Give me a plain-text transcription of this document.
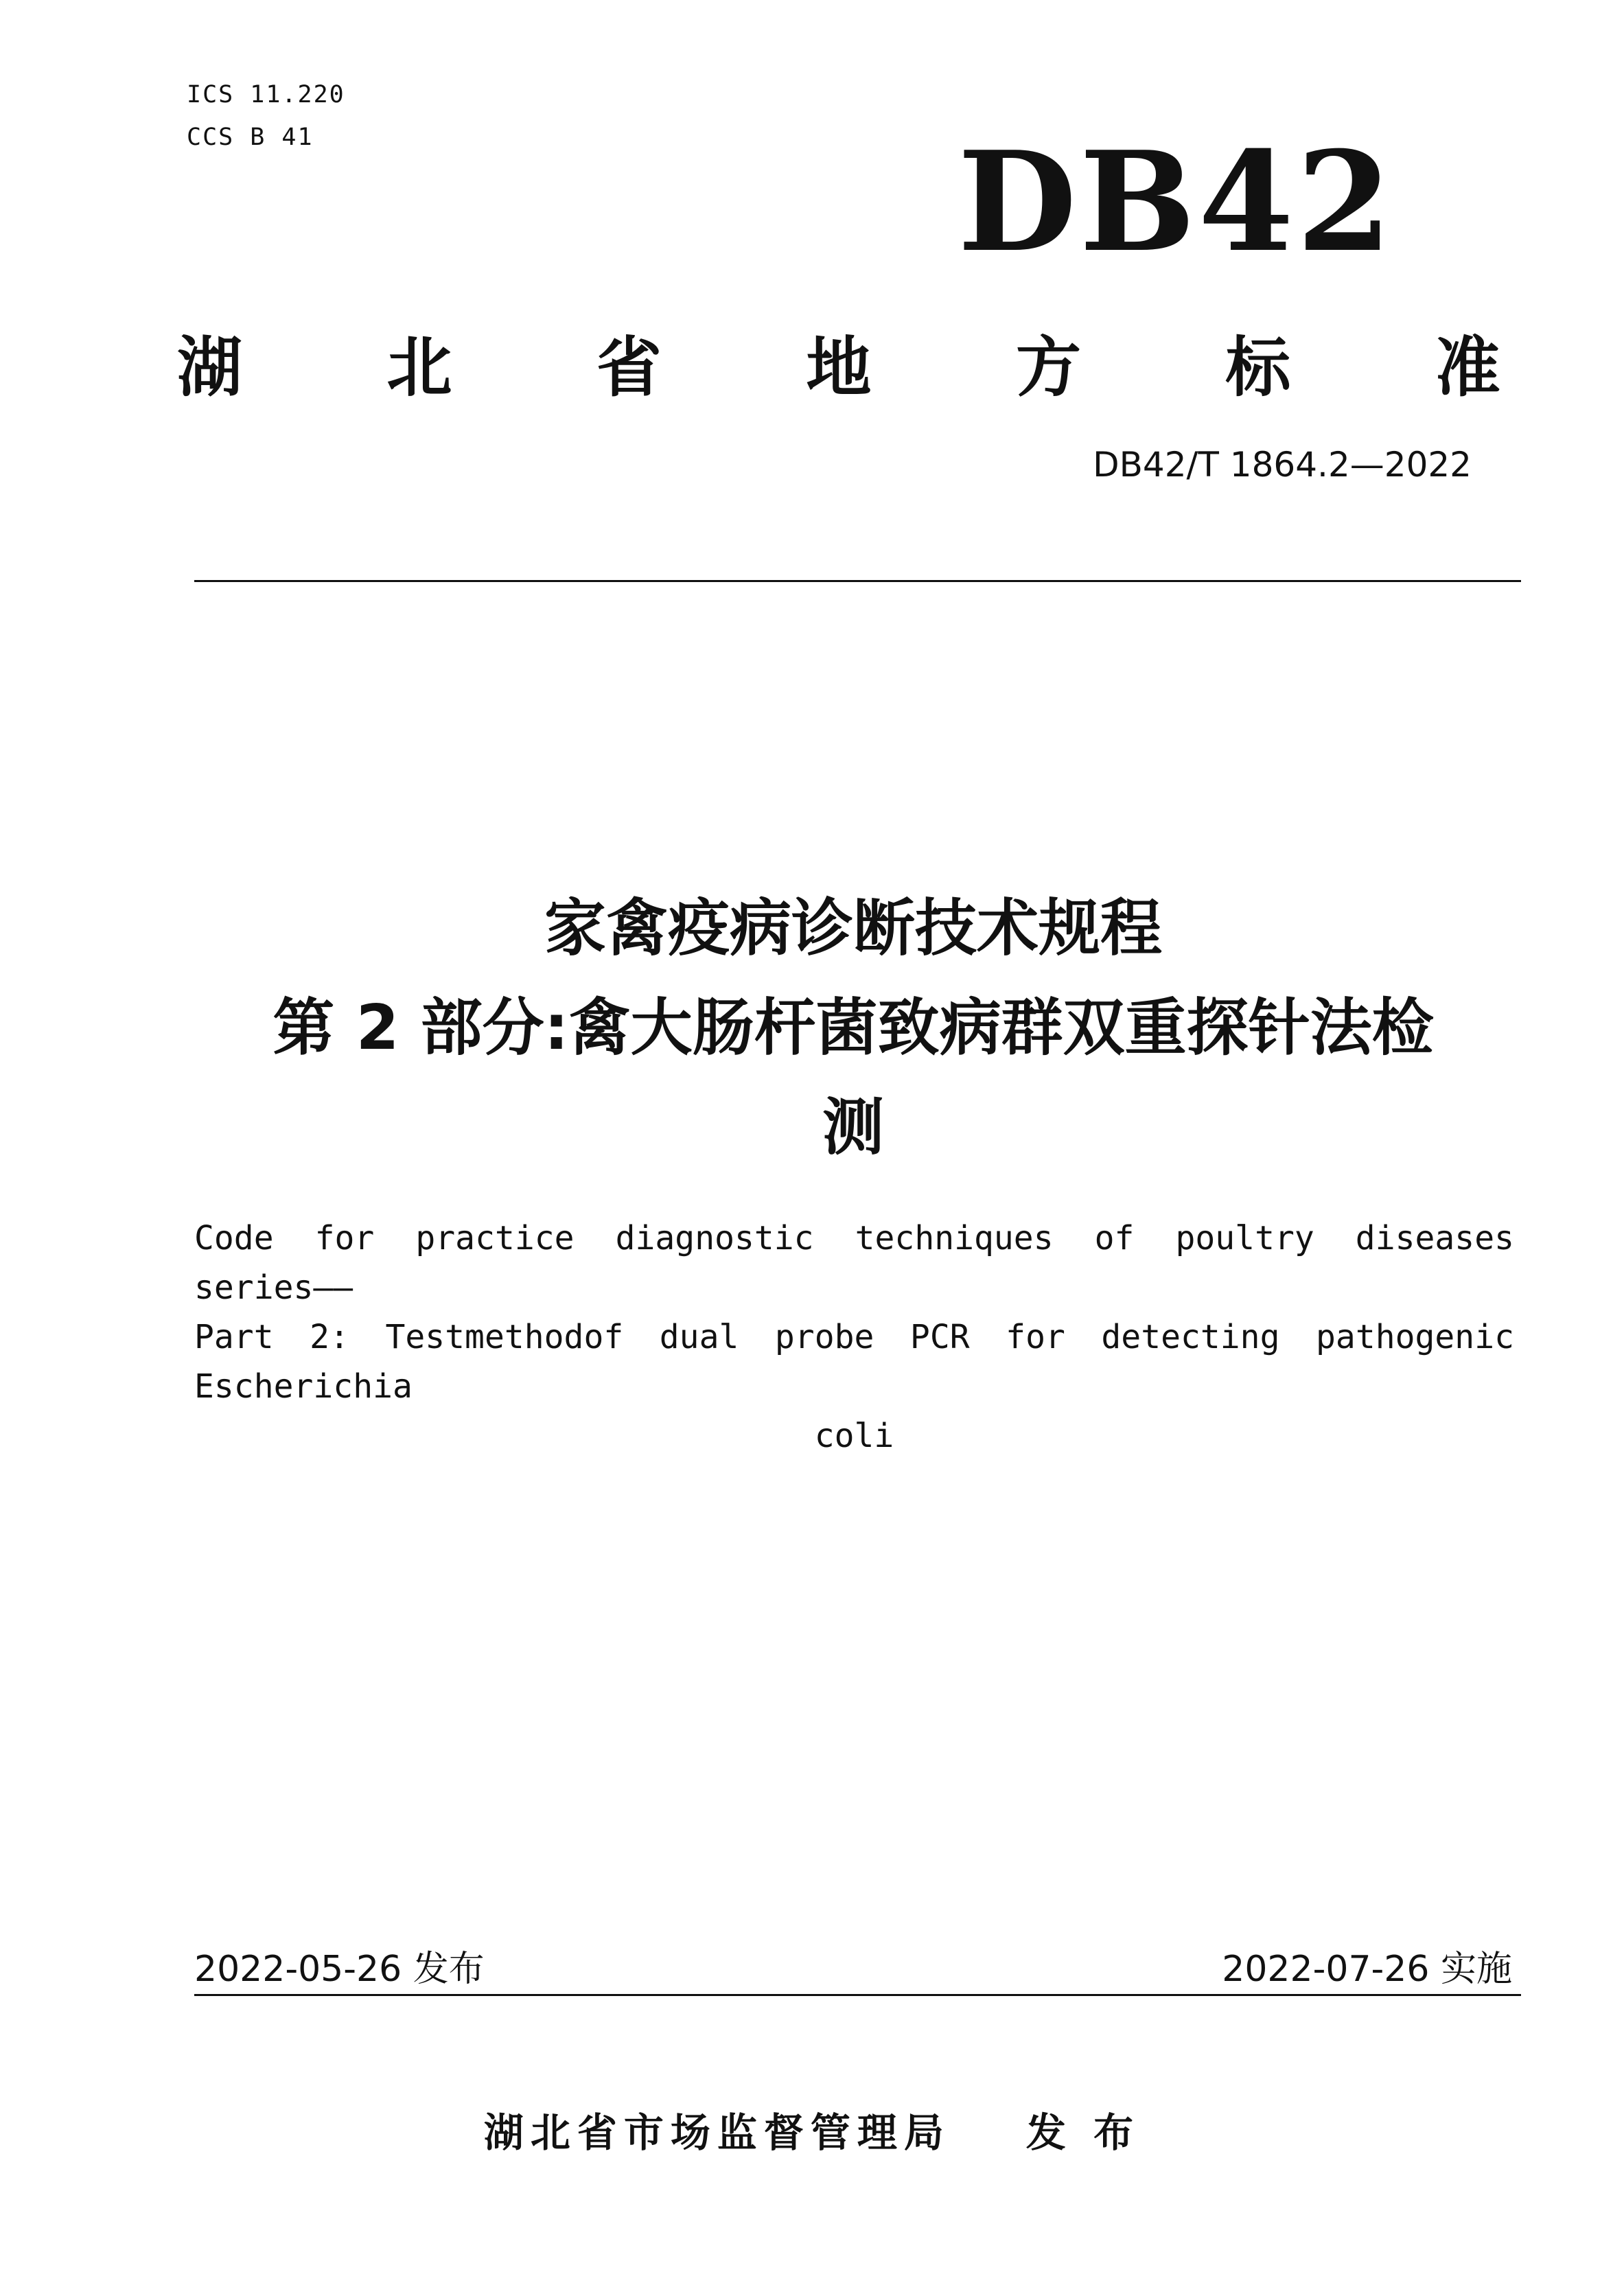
ICS 11.220
CCS B 41	DB42
湖 北 省 地 方 标 准
DB42/T 1864.2—2022
家禽疫病诊断技术规程
第 2 部分:禽大肠杆菌致病群双重探针法检
测
Code for practice diagnostic techniques of poultry diseases series——
Part 2: Testmethodof dual probe PCR for detecting pathogenic Escherichia
coli
2022-05-26 发布	2022-07-26 实施
湖北省市场监督管理局 发 布
